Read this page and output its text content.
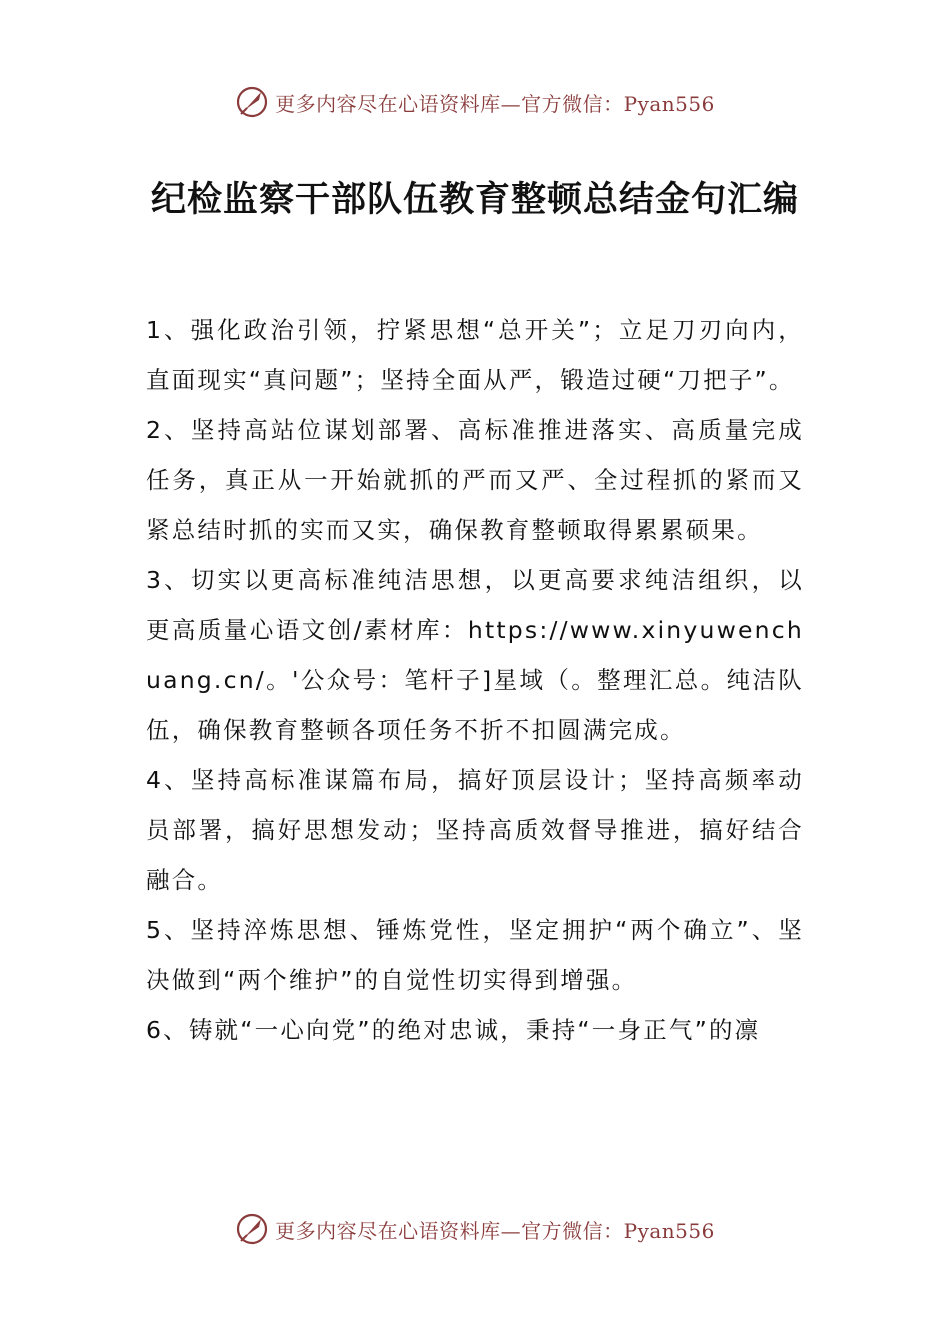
更多内容尽在心语资料库—官方微信：Pyan556
纪检监察干部队伍教育整顿总结金句汇编

1、强化政治引领，拧紧思想“总开关”；立足刀刃向内，直面现实“真问题”；坚持全面从严，锻造过硬“刀把子”。

2、坚持高站位谋划部署、高标准推进落实、高质量完成任务，真正从一开始就抓的严而又严、全过程抓的紧而又紧总结时抓的实而又实，确保教育整顿取得累累硕果。

3、切实以更高标准纯洁思想，以更高要求纯洁组织，以更高质量心语文创/素材库：https://www.xinyuwenchuang.cn/。'公众号：笔杆子]星域（。整理汇总。纯洁队伍，确保教育整顿各项任务不折不扣圆满完成。

4、坚持高标准谋篇布局，搞好顶层设计；坚持高频率动员部署，搞好思想发动；坚持高质效督导推进，搞好结合融合。

5、坚持淬炼思想、锤炼党性，坚定拥护“两个确立”、坚决做到“两个维护”的自觉性切实得到增强。

6、铸就“一心向党”的绝对忠诚，秉持“一身正气”的凛

更多内容尽在心语资料库—官方微信：Pyan556
